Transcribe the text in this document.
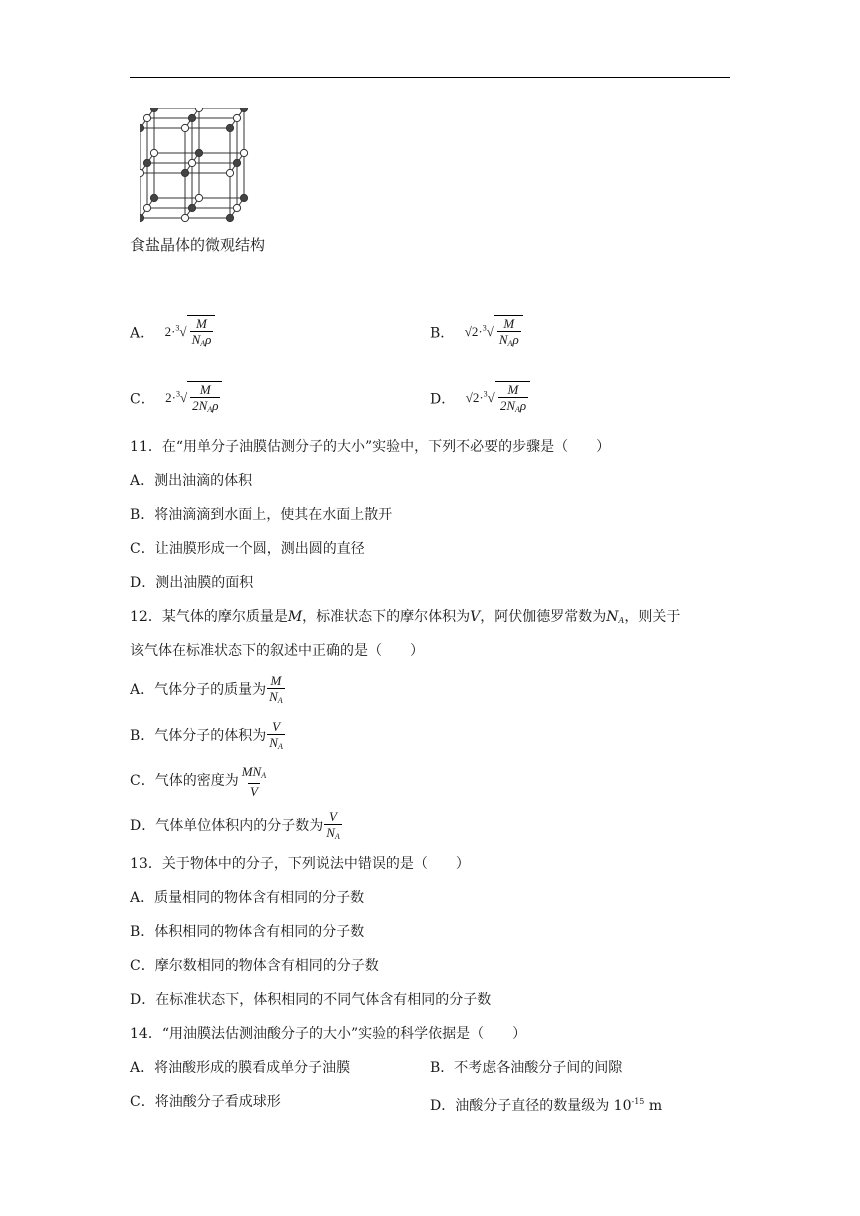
食盐晶体的微观结构
A． $2\cdot^3√ \frac{M}{N_A\rho}$	B． $√2\cdot^3√ \frac{M}{N_A\rho}$
C． $2\cdot^3√ \frac{M}{2N_A\rho}$	D． $√2\cdot^3√ \frac{M}{2N_A\rho}$
11．在“用单分子油膜估测分子的大小”实验中，下列不必要的步骤是（　　）
A．测出油滴的体积
B．将油滴滴到水面上，使其在水面上散开
C．让油膜形成一个圆，测出圆的直径
D．测出油膜的面积
12．某气体的摩尔质量是M，标准状态下的摩尔体积为V，阿伏伽德罗常数为$N_A$，则关于
该气体在标准状态下的叙述中正确的是（　　）
A．气体分子的质量为 $\frac{M}{N_A}$
B．气体分子的体积为 $\frac{V}{N_A}$
C．气体的密度为 $\frac{MN_A}{V}$
D．气体单位体积内的分子数为 $\frac{V}{N_A}$
13．关于物体中的分子，下列说法中错误的是（　　）
A．质量相同的物体含有相同的分子数
B．体积相同的物体含有相同的分子数
C．摩尔数相同的物体含有相同的分子数
D．在标准状态下，体积相同的不同气体含有相同的分子数
14．“用油膜法估测油酸分子的大小”实验的科学依据是（　　）
A．将油酸形成的膜看成单分子油膜	B．不考虑各油酸分子间的间隙
C．将油酸分子看成球形	D．油酸分子直径的数量级为 $10^{-15}$ m
